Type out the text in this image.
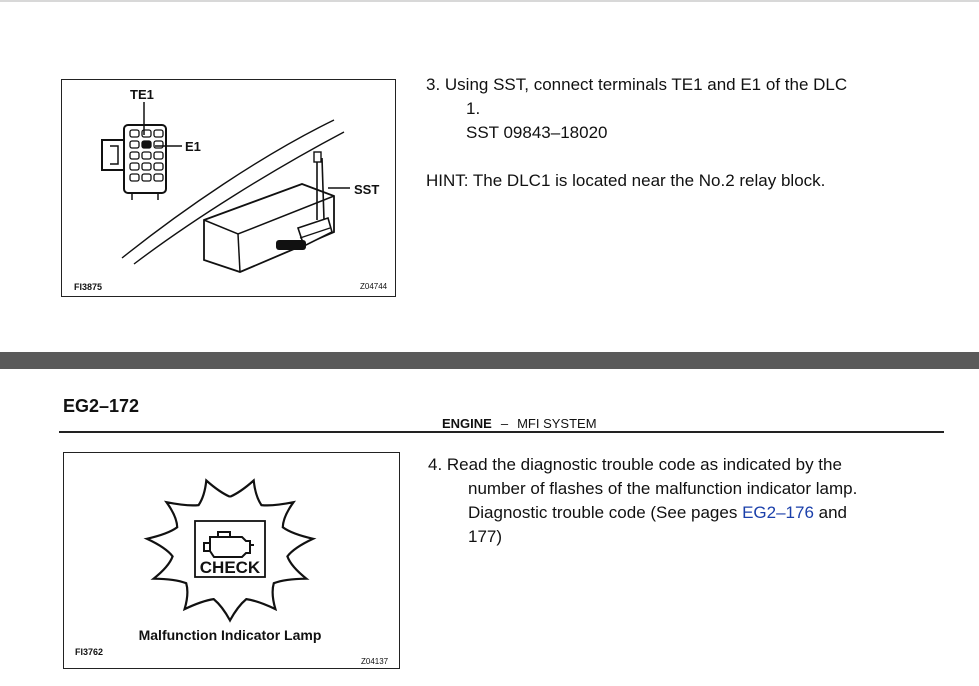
TE1
E1
SST
FI3875	Z04744
3. Using SST, connect terminals TE1 and E1 of the DLC
1.
SST 09843–18020
HINT: The DLC1 is located near the No.2 relay block.
EG2–172
ENGINE – MFI SYSTEM
CHECK
Malfunction Indicator Lamp
FI3762
Z04137
4. Read the diagnostic trouble code as indicated by the
number of flashes of the malfunction indicator lamp.
Diagnostic trouble code (See pages EG2–176 and
177)
